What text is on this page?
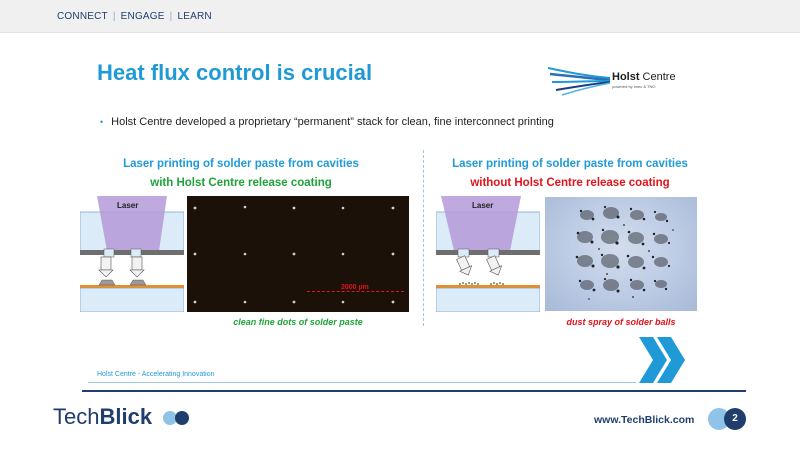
CONNECT | ENGAGE | LEARN
Heat flux control is crucial	Holst Centre
powered by imec & TNO
• Holst Centre developed a proprietary “permanent” stack for clean, fine interconnect printing
Laser printing of solder paste from cavities
with Holst Centre release coating
Laser printing of solder paste from cavities
without Holst Centre release coating
Laser
2000 µm
clean fine dots of solder paste
Laser
dust spray of solder balls
Holst Centre - Accelerating Innovation
TechBlick	www.TechBlick.com	2
